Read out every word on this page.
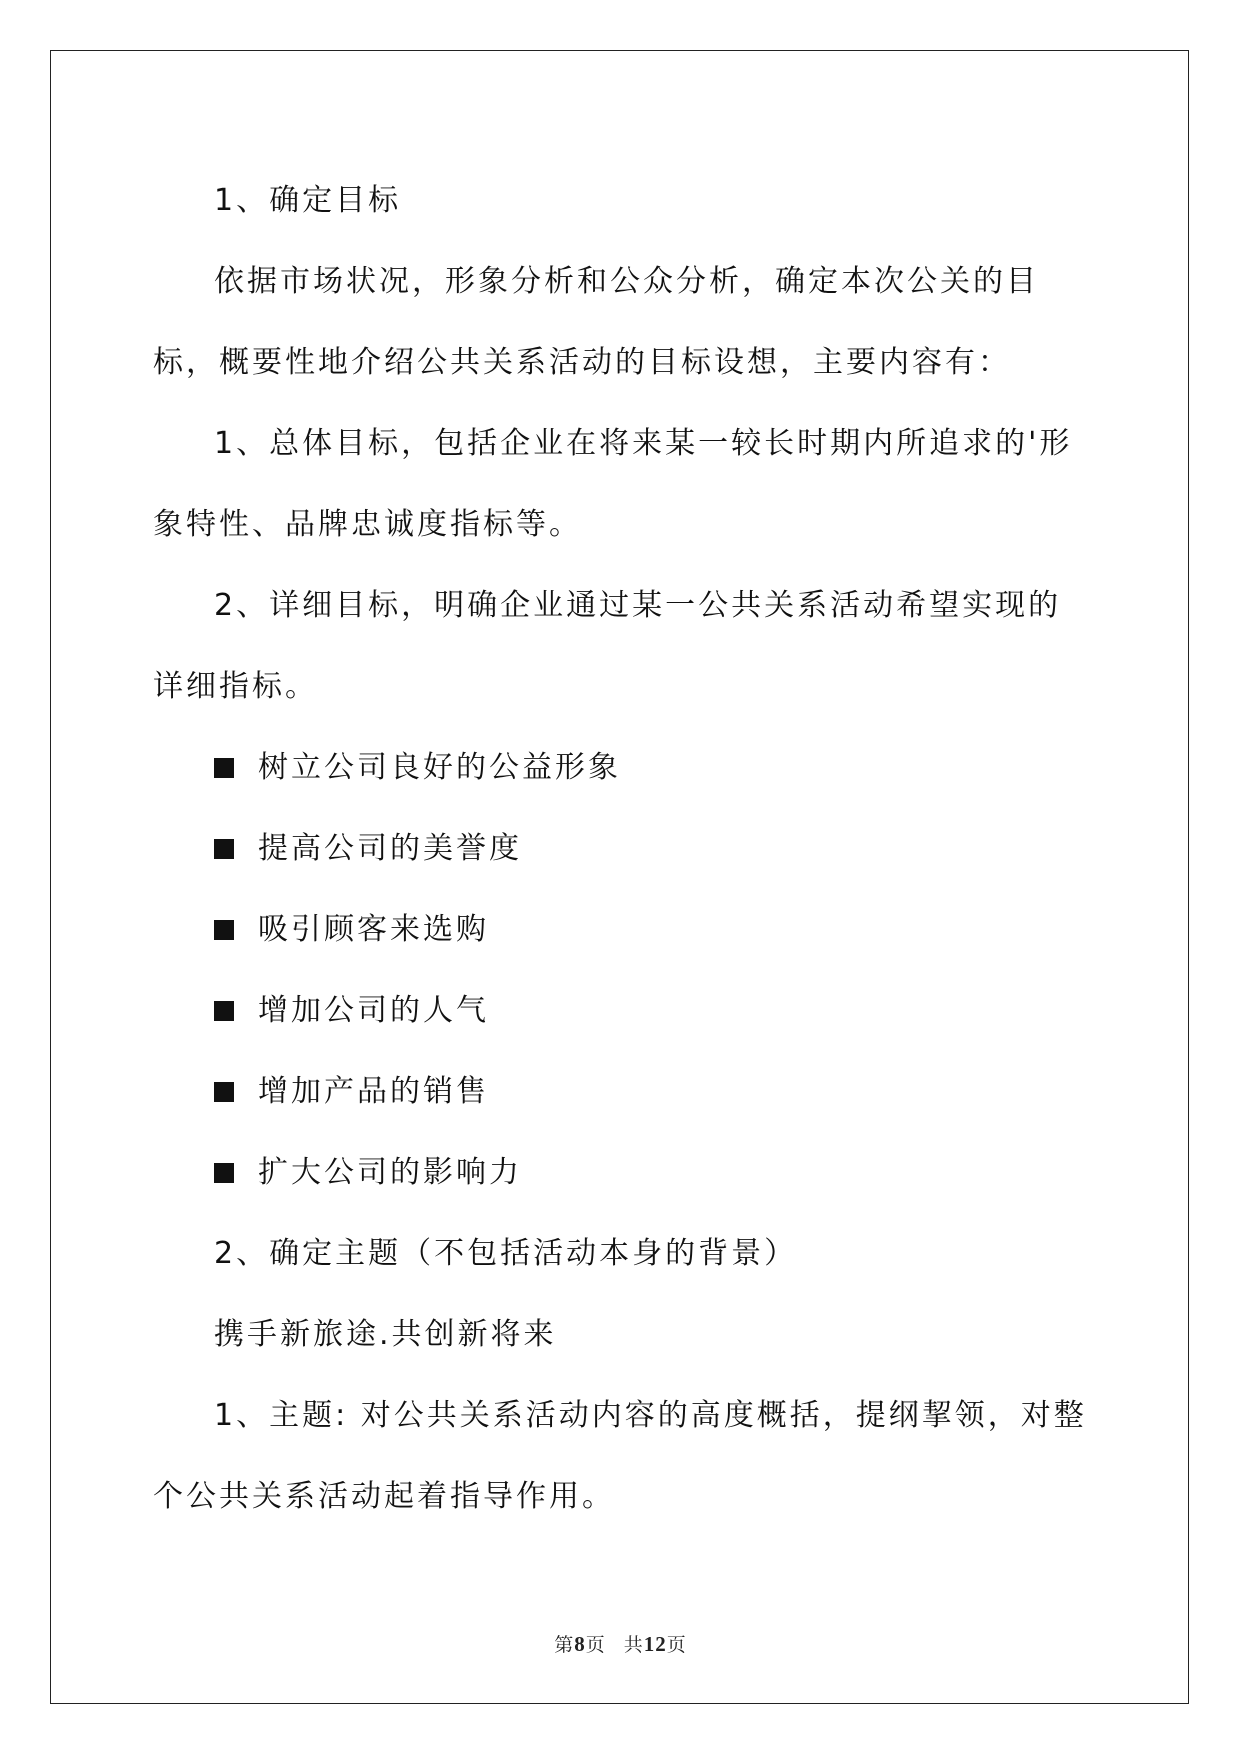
1、确定目标

依据市场状况，形象分析和公众分析，确定本次公关的目标，概要性地介绍公共关系活动的目标设想，主要内容有：

1、总体目标，包括企业在将来某一较长时期内所追求的'形象特性、品牌忠诚度指标等。

2、详细目标，明确企业通过某一公共关系活动希望实现的详细指标。

树立公司良好的公益形象
提高公司的美誉度
吸引顾客来选购
增加公司的人气
增加产品的销售
扩大公司的影响力

2、确定主题（不包括活动本身的背景）

携手新旅途.共创新将来

1、主题: 对公共关系活动内容的高度概括，提纲挈领，对整个公共关系活动起着指导作用。

第8页 共12页
